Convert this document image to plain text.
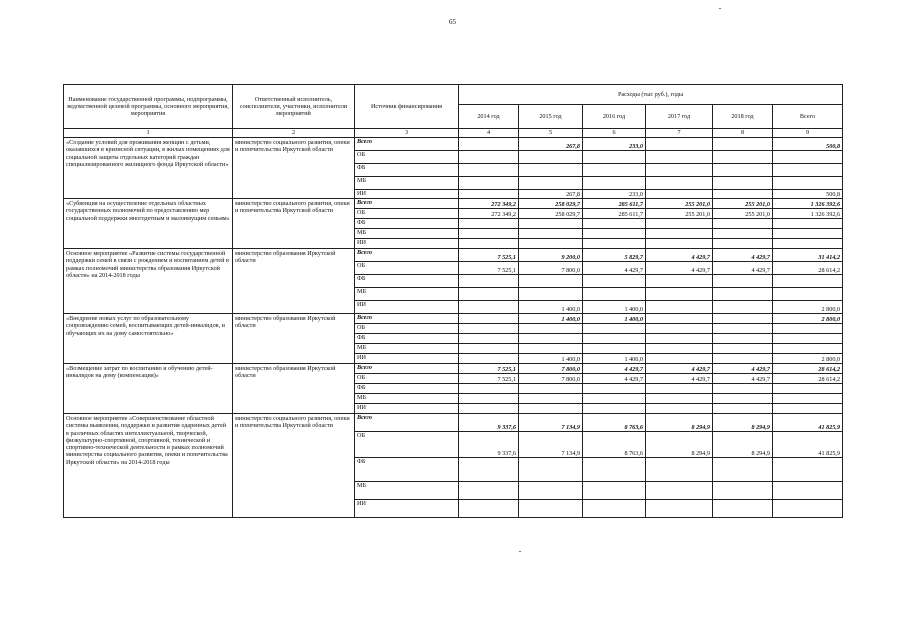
65
Наименование государственной программы, подпрограммы, ведомственной целевой программы, основного мероприятия, мероприятия	Ответственный исполнитель, соисполнители, участники, исполнители мероприятий	Источник финансирования	Расходы (тыс руб.), годы					
			2014 год	2015 год	2016 год	2017 год	2018 год	Всего
1	2	3	4	5	6	7	8	9
«Создание условий для проживания женщин с детьми, оказавшихся в кризисной ситуации, в жилых помещениях для социальной защиты отдельных категорий граждан специализированного жилищного фонда Иркутской области»	министерство социального развития, опеки и попечительства Иркутской области	Всего		267,8	233,0			500,8
		ОБ						
		ФБ						
		МБ						
		ИИ		267,8	233,0			500,8
«Субвенция на осуществление отдельных областных государственных полномочий по предоставлению мер социальной поддержки многодетным и малоимущим семьям»	министерство социального развития, опеки и попечительства Иркутской области	Всего	272 349,2	258 029,7	285 611,7	255 201,0	255 201,0	1 326 392,6
		ОБ	272 349,2	258 029,7	285 611,7	255 201,0	255 201,0	1 326 392,6
		ФБ						
		МБ						
		ИИ						
Основное мероприятие «Развитие системы государственной поддержки семей в связи с рождением и воспитанием детей в рамках полномочий министерства образования Иркутской области» на 2014-2018 годы	министерство образования Иркутской области	Всего	7 525,1	9 200,0	5 829,7	4 429,7	4 429,7	31 414,2
		ОБ	7 525,1	7 800,0	4 429,7	4 429,7	4 429,7	28 614,2
		ФБ						
		МБ						
		ИИ		1 400,0	1 400,0			2 800,0
«Внедрение новых услуг по образовательному сопровождению семей, воспитывающих детей-инвалидов, и обучающих их на дому самостоятельно»	министерство образования Иркутской области	Всего		1 400,0	1 400,0			2 800,0
		ОБ						
		ФБ						
		МБ						
		ИИ		1 400,0	1 400,0			2 800,0
«Возмещение затрат по воспитанию и обучению детей-инвалидов на дому (компенсация)»	министерство образования Иркутской области	Всего	7 525,1	7 800,0	4 429,7	4 429,7	4 429,7	28 614,2
		ОБ	7 525,1	7 800,0	4 429,7	4 429,7	4 429,7	28 614,2
		ФБ						
		МБ						
		ИИ						
Основное мероприятие «Совершенствование областной системы выявления, поддержки и развития одаренных детей в различных областях интеллектуальной, творческой, физкультурно-спортивной, спортивной, технической и спортивно-технической деятельности в рамках полномочий министерства социального развития, опеки и попечительства Иркутской области» на 2014-2018 годы	министерство социального развития, опеки и попечительства Иркутской области	Всего	9 337,6	7 134,9	8 763,6	8 294,9	8 294,9	41 825,9
		ОБ	9 337,6	7 134,9	8 763,6	8 294,9	8 294,9	41 825,9
		ФБ						
		МБ						
		ИИ						
